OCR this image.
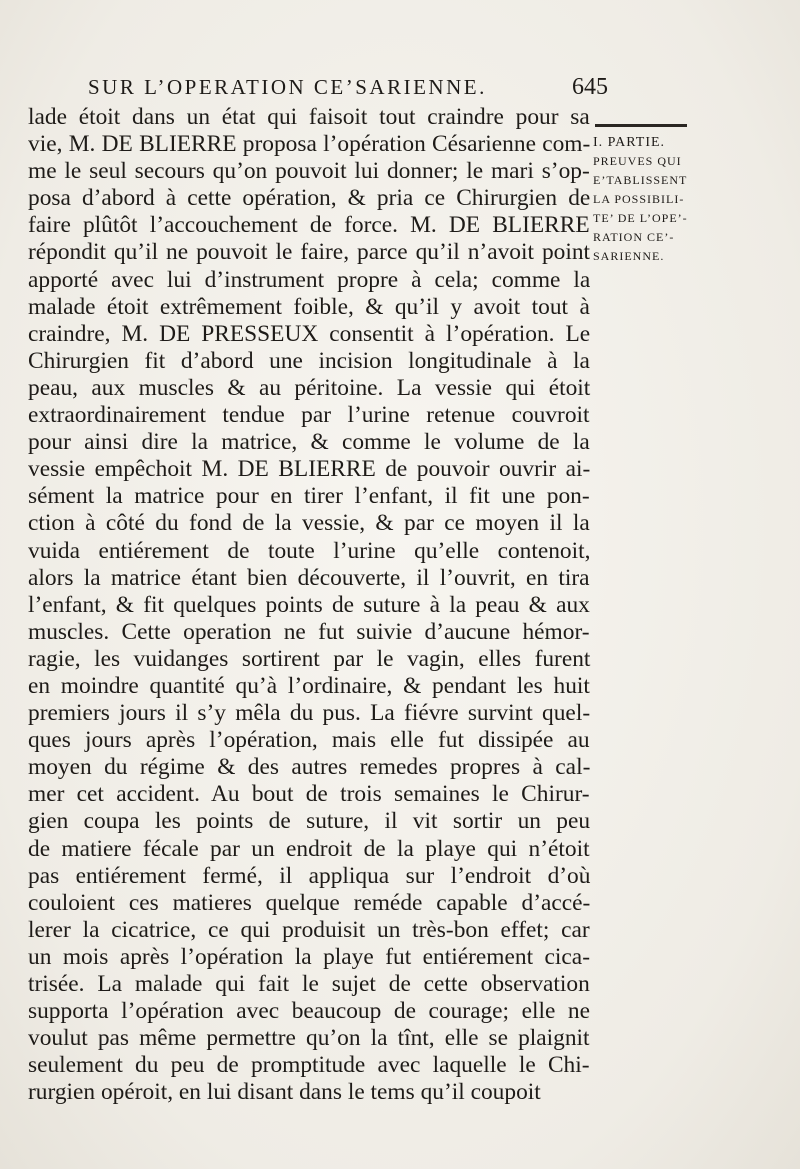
SUR L’OPERATION CE’SARIENNE.	645
I. PARTIE.
PREUVES QUI
E’TABLISSENT
LA POSSIBILI-
TE’ DE L’OPE’-
RATION CE’-
SARIENNE.
lade étoit dans un état qui faisoit tout craindre pour sa
vie, M. DE BLIERRE proposa l’opération Césarienne com-
me le seul secours qu’on pouvoit lui donner; le mari s’op-
posa d’abord à cette opération, & pria ce Chirurgien de
faire plûtôt l’accouchement de force. M. DE BLIERRE
répondit qu’il ne pouvoit le faire, parce qu’il n’avoit point
apporté avec lui d’instrument propre à cela; comme la
malade étoit extrêmement foible, & qu’il y avoit tout à
craindre, M. DE PRESSEUX consentit à l’opération. Le
Chirurgien fit d’abord une incision longitudinale à la
peau, aux muscles & au péritoine. La vessie qui étoit
extraordinairement tendue par l’urine retenue couvroit
pour ainsi dire la matrice, & comme le volume de la
vessie empêchoit M. DE BLIERRE de pouvoir ouvrir ai-
sément la matrice pour en tirer l’enfant, il fit une pon-
ction à côté du fond de la vessie, & par ce moyen il la
vuida entiérement de toute l’urine qu’elle contenoit,
alors la matrice étant bien découverte, il l’ouvrit, en tira
l’enfant, & fit quelques points de suture à la peau & aux
muscles. Cette operation ne fut suivie d’aucune hémor-
ragie, les vuidanges sortirent par le vagin, elles furent
en moindre quantité qu’à l’ordinaire, & pendant les huit
premiers jours il s’y mêla du pus. La fiévre survint quel-
ques jours après l’opération, mais elle fut dissipée au
moyen du régime & des autres remedes propres à cal-
mer cet accident. Au bout de trois semaines le Chirur-
gien coupa les points de suture, il vit sortir un peu
de matiere fécale par un endroit de la playe qui n’étoit
pas entiérement fermé, il appliqua sur l’endroit d’où
couloient ces matieres quelque reméde capable d’accé-
lerer la cicatrice, ce qui produisit un très-bon effet; car
un mois après l’opération la playe fut entiérement cica-
trisée. La malade qui fait le sujet de cette observation
supporta l’opération avec beaucoup de courage; elle ne
voulut pas même permettre qu’on la tînt, elle se plaignit
seulement du peu de promptitude avec laquelle le Chi-
rurgien opéroit, en lui disant dans le tems qu’il coupoit
